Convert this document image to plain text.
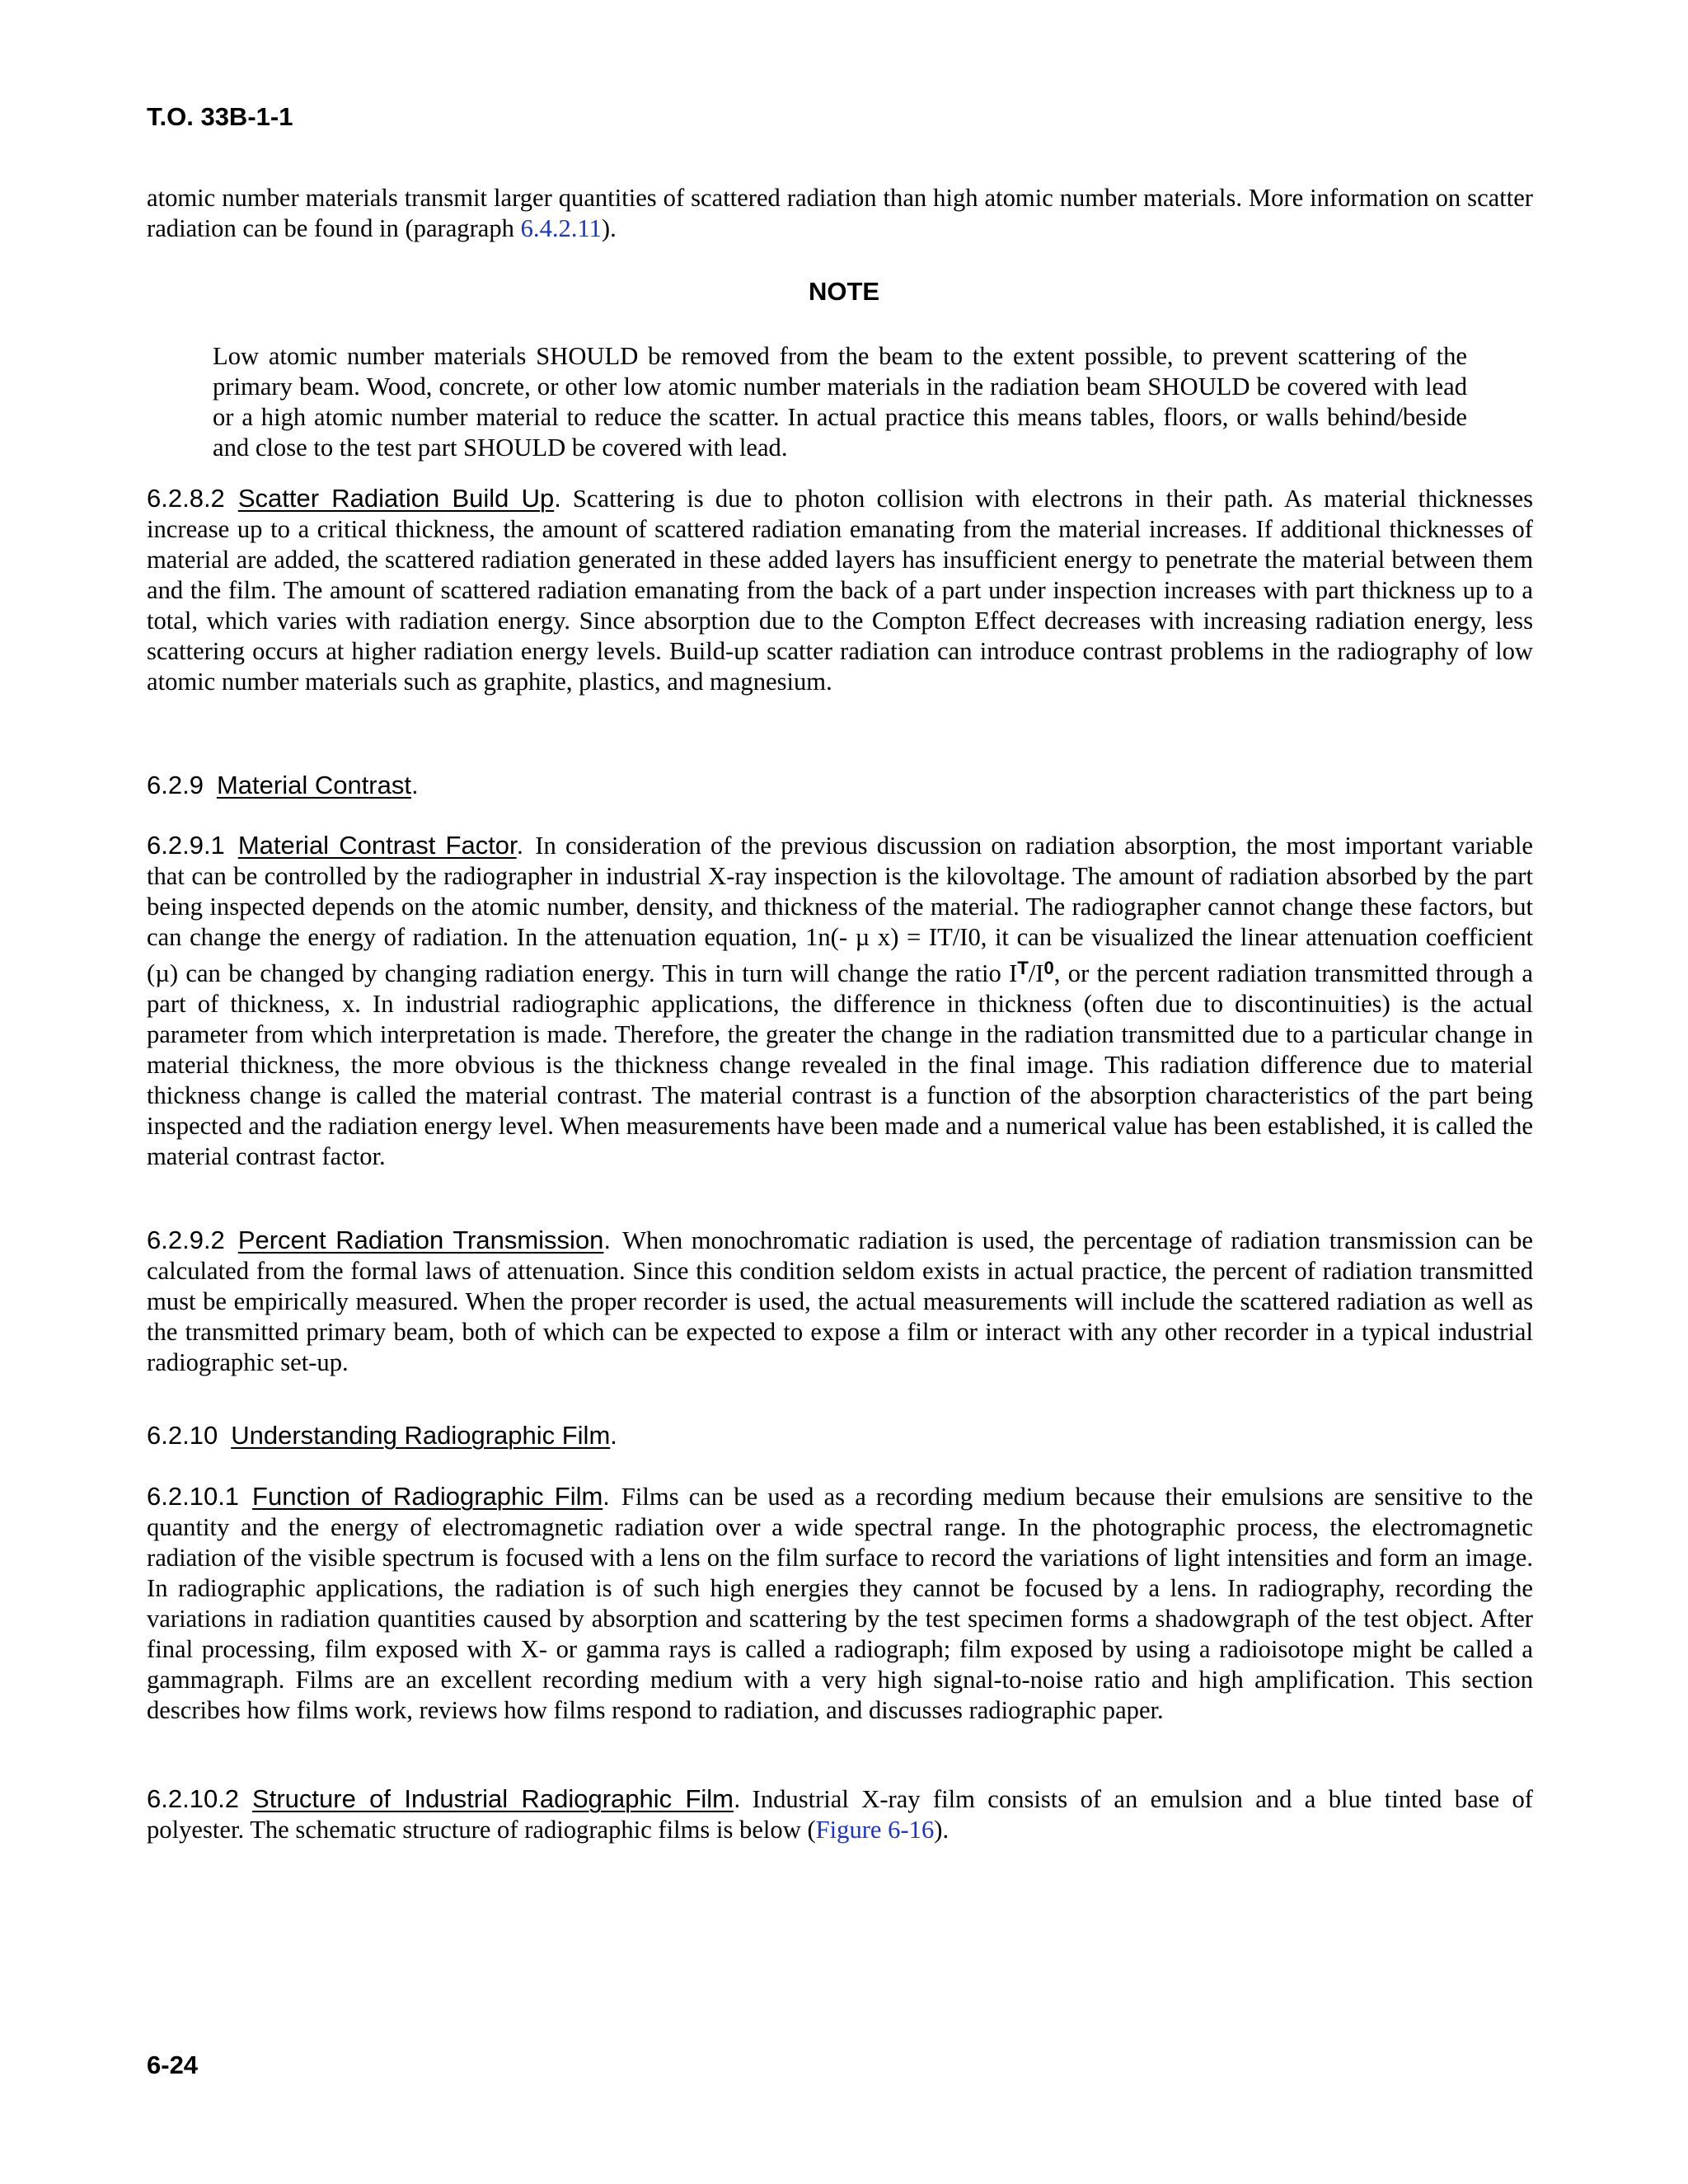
T.O. 33B-1-1

atomic number materials transmit larger quantities of scattered radiation than high atomic number materials. More information on scatter radiation can be found in (paragraph 6.4.2.11).

NOTE

Low atomic number materials SHOULD be removed from the beam to the extent possible, to prevent scattering of the primary beam. Wood, concrete, or other low atomic number materials in the radiation beam SHOULD be covered with lead or a high atomic number material to reduce the scatter. In actual practice this means tables, floors, or walls behind/beside and close to the test part SHOULD be covered with lead.

6.2.8.2 Scatter Radiation Build Up. Scattering is due to photon collision with electrons in their path. As material thicknesses increase up to a critical thickness, the amount of scattered radiation emanating from the material increases. If additional thicknesses of material are added, the scattered radiation generated in these added layers has insufficient energy to penetrate the material between them and the film. The amount of scattered radiation emanating from the back of a part under inspection increases with part thickness up to a total, which varies with radiation energy. Since absorption due to the Compton Effect decreases with increasing radiation energy, less scattering occurs at higher radiation energy levels. Build-up scatter radiation can introduce contrast problems in the radiography of low atomic number materials such as graphite, plastics, and magnesium.

6.2.9 Material Contrast.

6.2.9.1 Material Contrast Factor. In consideration of the previous discussion on radiation absorption, the most important variable that can be controlled by the radiographer in industrial X-ray inspection is the kilovoltage. The amount of radiation absorbed by the part being inspected depends on the atomic number, density, and thickness of the material. The radiographer cannot change these factors, but can change the energy of radiation. In the attenuation equation, 1n(- µ x) = IT/I0, it can be visualized the linear attenuation coefficient (µ) can be changed by changing radiation energy. This in turn will change the ratio $I^T/I^0$, or the percent radiation transmitted through a part of thickness, x. In industrial radiographic applications, the difference in thickness (often due to discontinuities) is the actual parameter from which interpretation is made. Therefore, the greater the change in the radiation transmitted due to a particular change in material thickness, the more obvious is the thickness change revealed in the final image. This radiation difference due to material thickness change is called the material contrast. The material contrast is a function of the absorption characteristics of the part being inspected and the radiation energy level. When measurements have been made and a numerical value has been established, it is called the material contrast factor.

6.2.9.2 Percent Radiation Transmission. When monochromatic radiation is used, the percentage of radiation transmission can be calculated from the formal laws of attenuation. Since this condition seldom exists in actual practice, the percent of radiation transmitted must be empirically measured. When the proper recorder is used, the actual measurements will include the scattered radiation as well as the transmitted primary beam, both of which can be expected to expose a film or interact with any other recorder in a typical industrial radiographic set-up.

6.2.10 Understanding Radiographic Film.

6.2.10.1 Function of Radiographic Film. Films can be used as a recording medium because their emulsions are sensitive to the quantity and the energy of electromagnetic radiation over a wide spectral range. In the photographic process, the electromagnetic radiation of the visible spectrum is focused with a lens on the film surface to record the variations of light intensities and form an image. In radiographic applications, the radiation is of such high energies they cannot be focused by a lens. In radiography, recording the variations in radiation quantities caused by absorption and scattering by the test specimen forms a shadowgraph of the test object. After final processing, film exposed with X- or gamma rays is called a radiograph; film exposed by using a radioisotope might be called a gammagraph. Films are an excellent recording medium with a very high signal-to-noise ratio and high amplification. This section describes how films work, reviews how films respond to radiation, and discusses radiographic paper.

6.2.10.2 Structure of Industrial Radiographic Film. Industrial X-ray film consists of an emulsion and a blue tinted base of polyester. The schematic structure of radiographic films is below (Figure 6-16).

6-24
